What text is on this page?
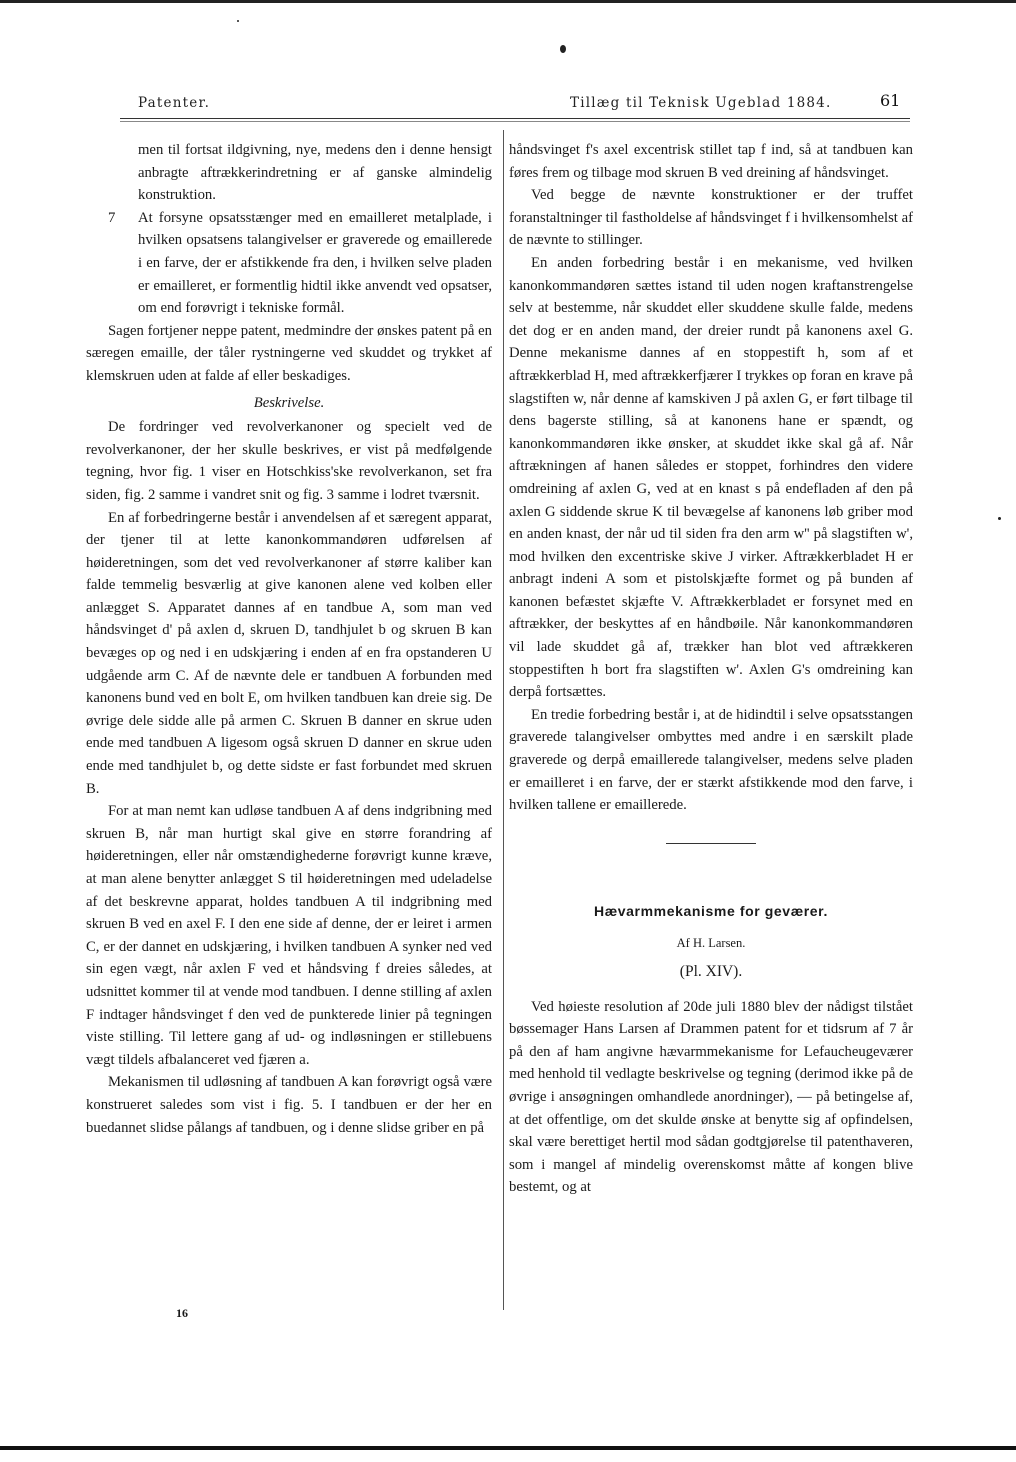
Patenter.	Tillæg til Teknisk Ugeblad 1884.	61

men til fortsat ildgivning, nye, medens den i denne hensigt anbragte aftrækkerindretning er af ganske almindelig konstruktion.

7 At forsyne opsatsstænger med en emailleret metalplade, i hvilken opsatsens talangivelser er graverede og emaillerede i en farve, der er afstikkende fra den, i hvilken selve pladen er emailleret, er formentlig hidtil ikke anvendt ved opsatser, om end forøvrigt i tekniske formål.

Sagen fortjener neppe patent, medmindre der ønskes patent på en særegen emaille, der tåler rystningerne ved skuddet og trykket af klemskruen uden at falde af eller beskadiges.

Beskrivelse.

De fordringer ved revolverkanoner og specielt ved de revolverkanoner, der her skulle beskrives, er vist på medfølgende tegning, hvor fig. 1 viser en Hotschkiss'ske revolverkanon, set fra siden, fig. 2 samme i vandret snit og fig. 3 samme i lodret tværsnit.

En af forbedringerne består i anvendelsen af et særegent apparat, der tjener til at lette kanonkommandøren udførelsen af høideretningen, som det ved revolverkanoner af større kaliber kan falde temmelig besværlig at give kanonen alene ved kolben eller anlægget S. Apparatet dannes af en tandbue A, som man ved håndsvinget d' på axlen d, skruen D, tandhjulet b og skruen B kan bevæges op og ned i en udskjæring i enden af en fra opstanderen U udgående arm C. Af de nævnte dele er tandbuen A forbunden med kanonens bund ved en bolt E, om hvilken tandbuen kan dreie sig. De øvrige dele sidde alle på armen C. Skruen B danner en skrue uden ende med tandbuen A ligesom også skruen D danner en skrue uden ende med tandhjulet b, og dette sidste er fast forbundet med skruen B.

For at man nemt kan udløse tandbuen A af dens indgribning med skruen B, når man hurtigt skal give en større forandring af høideretningen, eller når omstændighederne forøvrigt kunne kræve, at man alene benytter anlægget S til høideretningen med udeladelse af det beskrevne apparat, holdes tandbuen A til indgribning med skruen B ved en axel F. I den ene side af denne, der er leiret i armen C, er der dannet en udskjæring, i hvilken tandbuen A synker ned ved sin egen vægt, når axlen F ved et håndsving f dreies således, at udsnittet kommer til at vende mod tandbuen. I denne stilling af axlen F indtager håndsvinget f den ved de punkterede linier på tegningen viste stilling. Til lettere gang af ud- og indløsningen er stillebuens vægt tildels afbalanceret ved fjæren a.

Mekanismen til udløsning af tandbuen A kan forøvrigt også være konstrueret saledes som vist i fig. 5. I tandbuen er der her en buedannet slidse pålangs af tandbuen, og i denne slidse griber en på

16

håndsvinget f's axel excentrisk stillet tap f ind, så at tandbuen kan føres frem og tilbage mod skruen B ved dreining af håndsvinget.

Ved begge de nævnte konstruktioner er der truffet foranstaltninger til fastholdelse af håndsvinget f i hvilkensomhelst af de nævnte to stillinger.

En anden forbedring består i en mekanisme, ved hvilken kanonkommandøren sættes istand til uden nogen kraftanstrengelse selv at bestemme, når skuddet eller skuddene skulle falde, medens det dog er en anden mand, der dreier rundt på kanonens axel G. Denne mekanisme dannes af en stoppestift h, som af et aftrækkerblad H, med aftrækkerfjærer I trykkes op foran en krave på slagstiften w, når denne af kamskiven J på axlen G, er ført tilbage til dens bagerste stilling, så at kanonens hane er spændt, og kanonkommandøren ikke ønsker, at skuddet ikke skal gå af. Når aftrækningen af hanen således er stoppet, forhindres den videre omdreining af axlen G, ved at en knast s på endefladen af den på axlen G siddende skrue K til bevægelse af kanonens løb griber mod en anden knast, der når ud til siden fra den arm w'' på slagstiften w', mod hvilken den excentriske skive J virker. Aftrækkerbladet H er anbragt indeni A som et pistolskjæfte formet og på bunden af kanonen befæstet skjæfte V. Aftrækkerbladet er forsynet med en aftrækker, der beskyttes af en håndbøile. Når kanonkommandøren vil lade skuddet gå af, trækker han blot ved aftrækkeren stoppestiften h bort fra slagstiften w'. Axlen G's omdreining kan derpå fortsættes.

En tredie forbedring består i, at de hidindtil i selve opsatsstangen graverede talangivelser ombyttes med andre i en særskilt plade graverede og derpå emaillerede talangivelser, medens selve pladen er emailleret i en farve, der er stærkt afstikkende mod den farve, i hvilken tallene er emaillerede.

Hævarmmekanisme for geværer.
Af H. Larsen.
(Pl. XIV).

Ved høieste resolution af 20de juli 1880 blev der nådigst tilstået bøssemager Hans Larsen af Drammen patent for et tidsrum af 7 år på den af ham angivne hævarmmekanisme for Lefaucheugeværer med henhold til vedlagte beskrivelse og tegning (derimod ikke på de øvrige i ansøgningen omhandlede anordninger), — på betingelse af, at det offentlige, om det skulde ønske at benytte sig af opfindelsen, skal være berettiget hertil mod sådan godtgjørelse til patenthaveren, som i mangel af mindelig overenskomst måtte af kongen blive bestemt, og at
